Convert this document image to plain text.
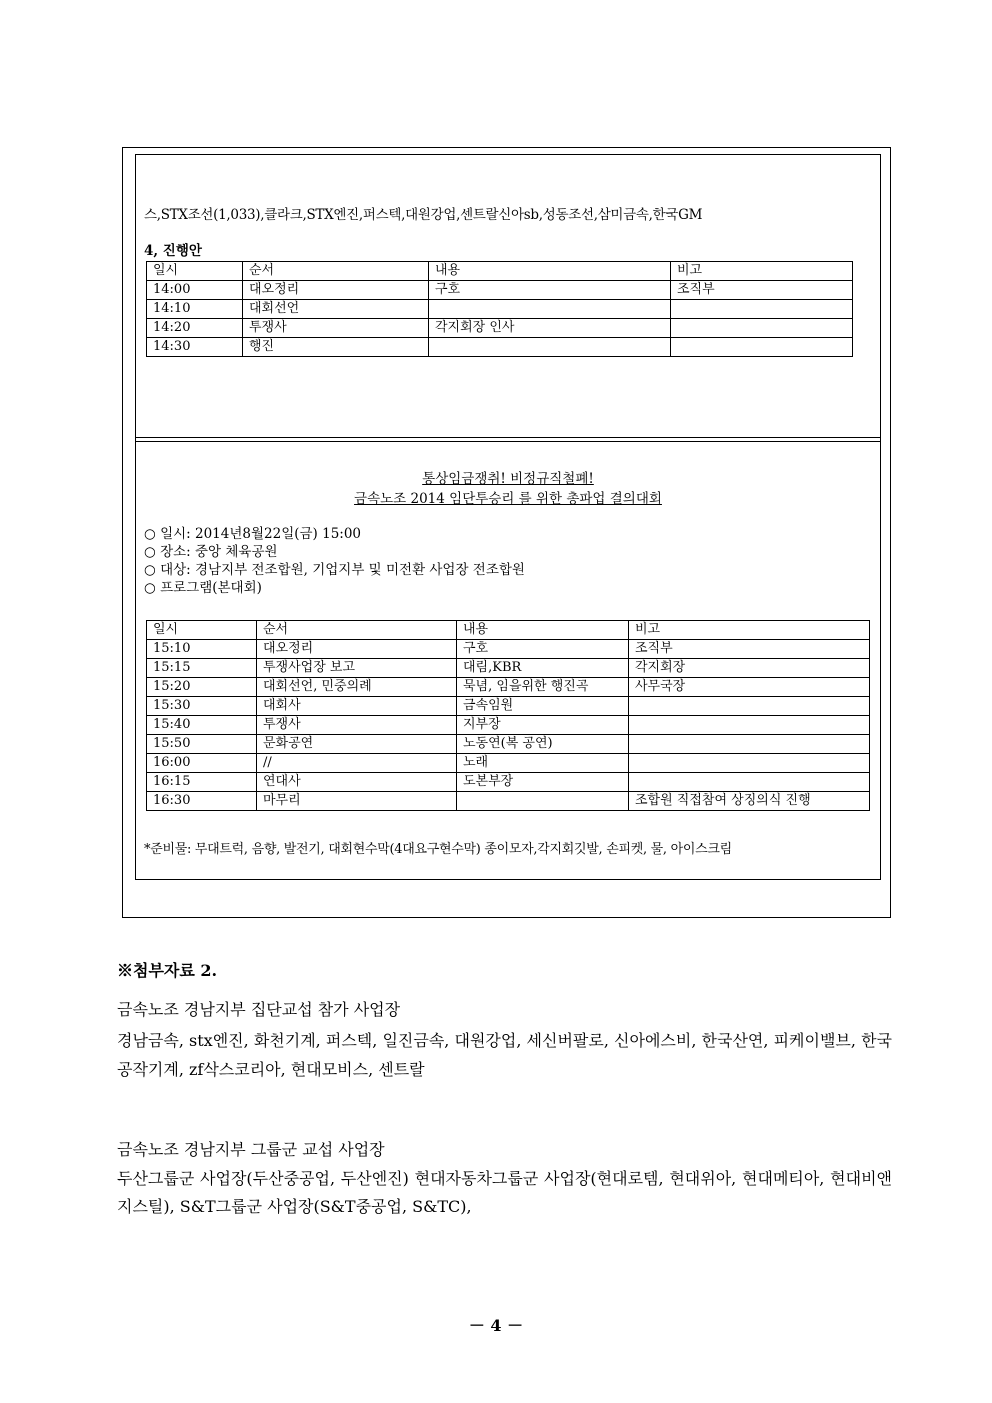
스,STX조선(1,033),클라크,STX엔진,퍼스텍,대원강업,센트랄신아sb,성동조선,삼미금속,한국GM
4, 진행안
일시	순서	내용	비고
14:00	대오정리	구호	조직부
14:10	대회선언		
14:20	투쟁사	각지회장 인사	
14:30	행진		
통상임금쟁취! 비정규직철폐!
금속노조 2014 임단투승리 를 위한 총파업 결의대회
○ 일시: 2014년8월22일(금) 15:00
○ 장소: 중앙 체육공원
○ 대상: 경남지부 전조합원, 기업지부 및 미전환 사업장 전조합원
○ 프로그램(본대회)
일시	순서	내용	비고
15:10	대오정리	구호	조직부
15:15	투쟁사업장 보고	대림,KBR	각지회장
15:20	대회선언, 민중의례	묵념, 임을위한 행진곡	사무국장
15:30	대회사	금속임원	
15:40	투쟁사	지부장	
15:50	문화공연	노동연(복 공연)	
16:00	//	노래	
16:15	연대사	도본부장	
16:30	마무리		조합원 직접참여 상징의식 진행
*준비물: 무대트럭, 음향, 발전기, 대회현수막(4대요구현수막) 종이모자,각지회깃발, 손피켓, 물, 아이스크림
※첨부자료 2.
금속노조 경남지부 집단교섭 참가 사업장
경남금속, stx엔진, 화천기계, 퍼스텍, 일진금속, 대원강업, 세신버팔로, 신아에스비, 한국산연, 피케이밸브, 한국공작기계, zf삭스코리아, 현대모비스, 센트랄
금속노조 경남지부 그룹군 교섭 사업장
두산그룹군 사업장(두산중공업, 두산엔진) 현대자동차그룹군 사업장(현대로템, 현대위아, 현대메티아, 현대비앤지스틸), S&T그룹군 사업장(S&T중공업, S&TC),
－ 4 －
